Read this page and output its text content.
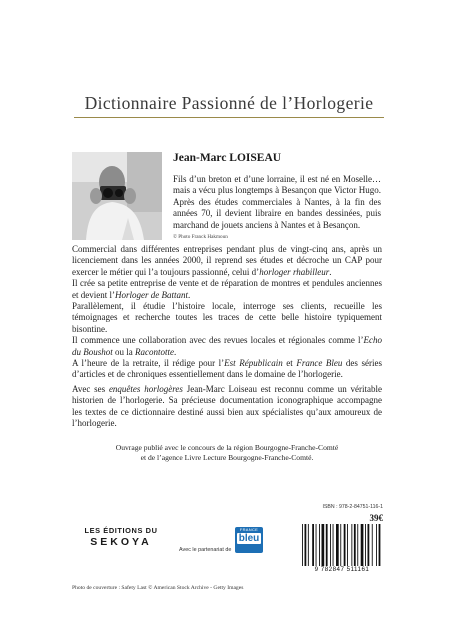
Dictionnaire Passionné de l’Horlogerie
Jean-Marc LOISEAU
Fils d’un breton et d’une lorraine, il est né en Moselle… mais a vécu plus longtemps à Besançon que Victor Hugo. Après des études commerciales à Nantes, à la fin des années 70, il devient libraire en bandes dessinées, puis marchand de jouets anciens à Nantes et à Besançon.
© Photo Franck Hakmoun

Commercial dans différentes entreprises pendant plus de vingt-cinq ans, après un licenciement dans les années 2000, il reprend ses études et décroche un CAP pour exercer le métier qui l’a toujours passionné, celui d’horloger rhabilleur.

Il crée sa petite entreprise de vente et de réparation de montres et pendules anciennes et devient l’Horloger de Battant.

Parallèlement, il étudie l’histoire locale, interroge ses clients, recueille les témoignages et recherche toutes les traces de cette belle histoire typiquement bisontine.

Il commence une collaboration avec des revues locales et régionales comme l’Echo du Boushot ou la Racontotte.

A l’heure de la retraite, il rédige pour l’Est Républicain et France Bleu des séries d’articles et de chroniques essentiellement dans le domaine de l’horlogerie.

Avec ses enquêtes horlogères Jean-Marc Loiseau est reconnu comme un véritable historien de l’horlogerie. Sa précieuse documentation iconographique accompagne les textes de ce dictionnaire destiné aussi bien aux spécialistes qu’aux amoureux de l’horlogerie.

Ouvrage publié avec le concours de la région Bourgogne-Franche-Comté

et de l’agence Livre Lecture Bourgogne-Franche-Comté.

ISBN : 978-2-84751-116-1
39€
LES ÉDITIONS DU
SEKOYA
Avec le partenariat de
FRANCE
bleu
9 782847 511161
Photo de couverture : Safety Last © American Stock Archive - Getty Images
